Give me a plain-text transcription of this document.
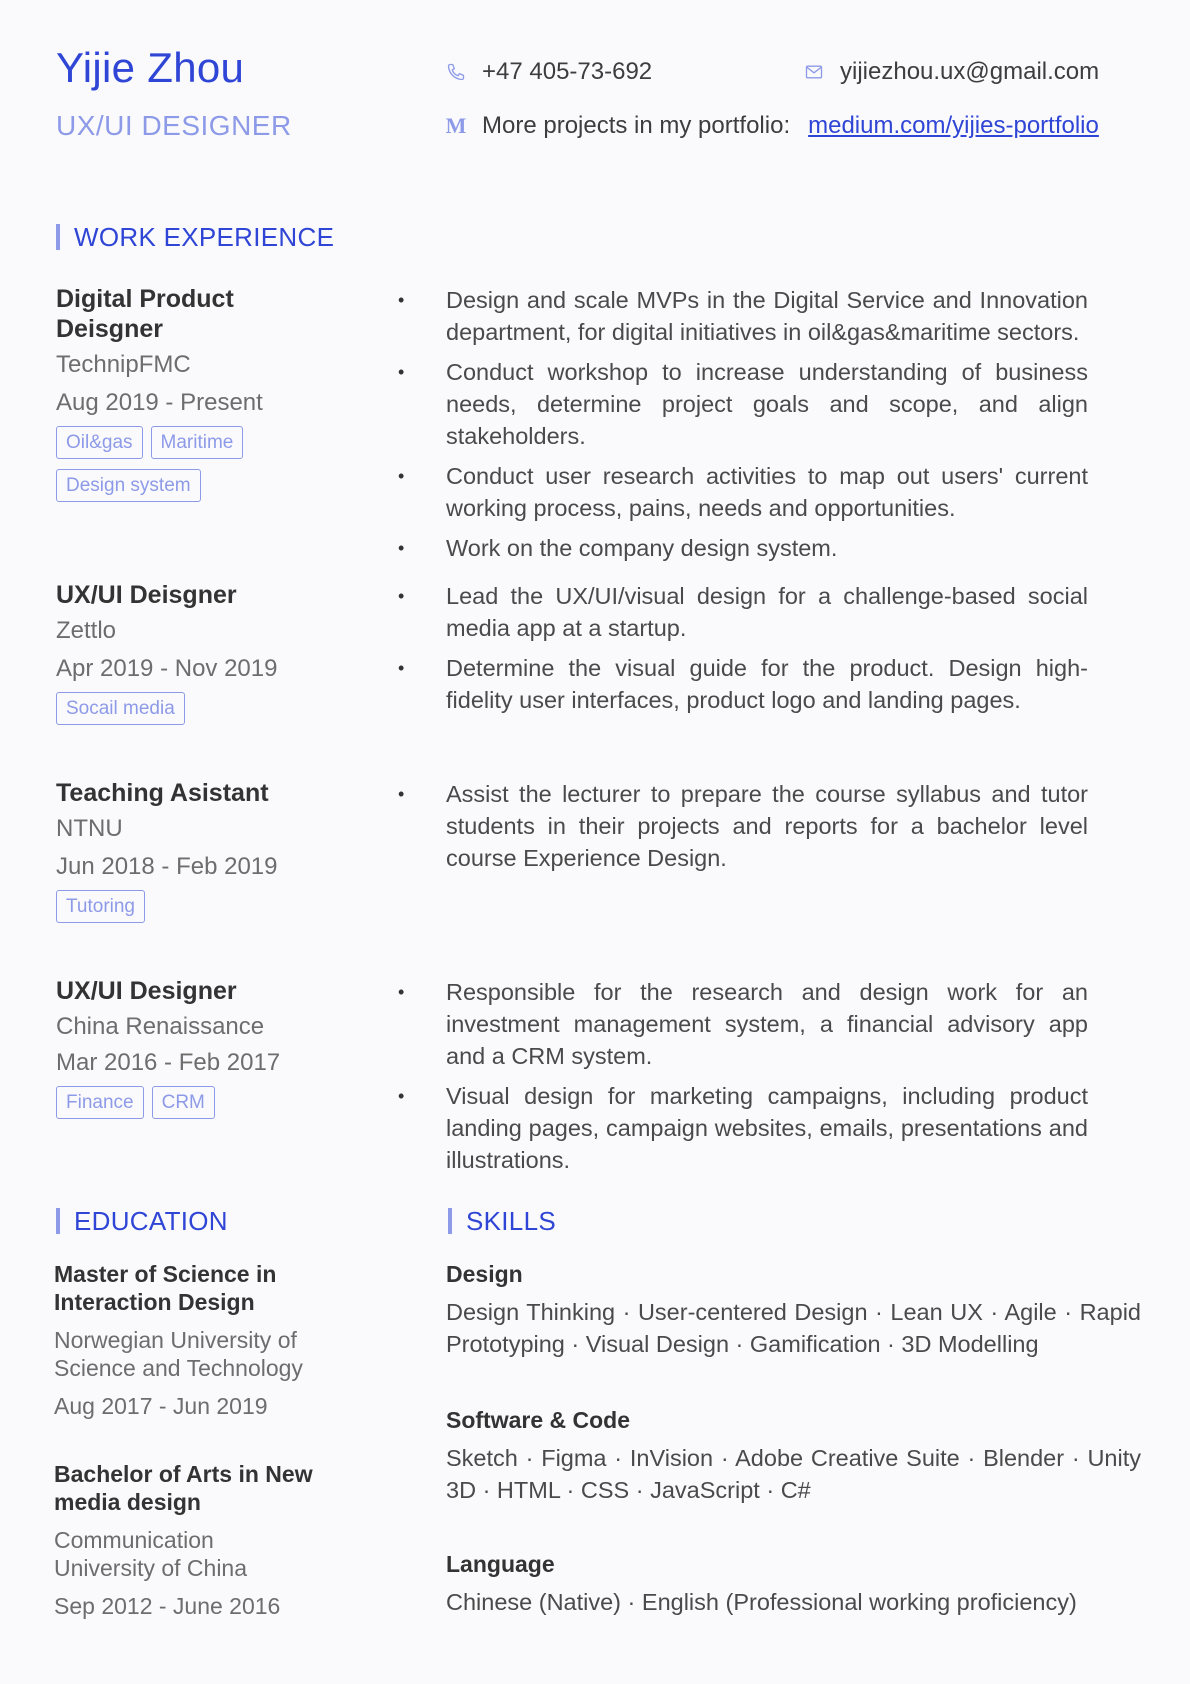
Yijie Zhou
UX/UI DESIGNER
+47 405-73-692	yijiezhou.ux@gmail.com
M More projects in my portfolio: medium.com/yijies-portfolio
WORK EXPERIENCE
Digital Product Deisgner
TechnipFMC
Aug 2019 - Present
Oil&gas	Maritime
Design system
• Design and scale MVPs in the Digital Service and Innovation department, for digital initiatives in oil&gas&maritime sectors.
• Conduct workshop to increase understanding of business needs, determine project goals and scope, and align stakeholders.
• Conduct user research activities to map out users' current working process, pains, needs and opportunities.
• Work on the company design system.
UX/UI Deisgner
Zettlo
Apr 2019 - Nov 2019
Socail media
• Lead the UX/UI/visual design for a challenge-based social media app at a startup.
• Determine the visual guide for the product. Design high-fidelity user interfaces, product logo and landing pages.
Teaching Asistant
NTNU
Jun 2018 - Feb 2019
Tutoring
• Assist the lecturer to prepare the course syllabus and tutor students in their projects and reports for a bachelor level course Experience Design.
UX/UI Designer
China Renaissance
Mar 2016 - Feb 2017
Finance	CRM
• Responsible for the research and design work for an investment management system, a financial advisory app and a CRM system.
• Visual design for marketing campaigns, including product landing pages, campaign websites, emails, presentations and illustrations.
EDUCATION
Master of Science in Interaction Design
Norwegian University of Science and Technology
Aug 2017 - Jun 2019
Bachelor of Arts in New media design
Communication University of China
Sep 2012 - June 2016
SKILLS
Design
Design Thinking · User-centered Design · Lean UX · Agile · Rapid Prototyping · Visual Design · Gamification · 3D Modelling
Software & Code
Sketch · Figma · InVision · Adobe Creative Suite · Blender · Unity 3D · HTML · CSS · JavaScript · C#
Language
Chinese (Native) · English (Professional working proficiency)
